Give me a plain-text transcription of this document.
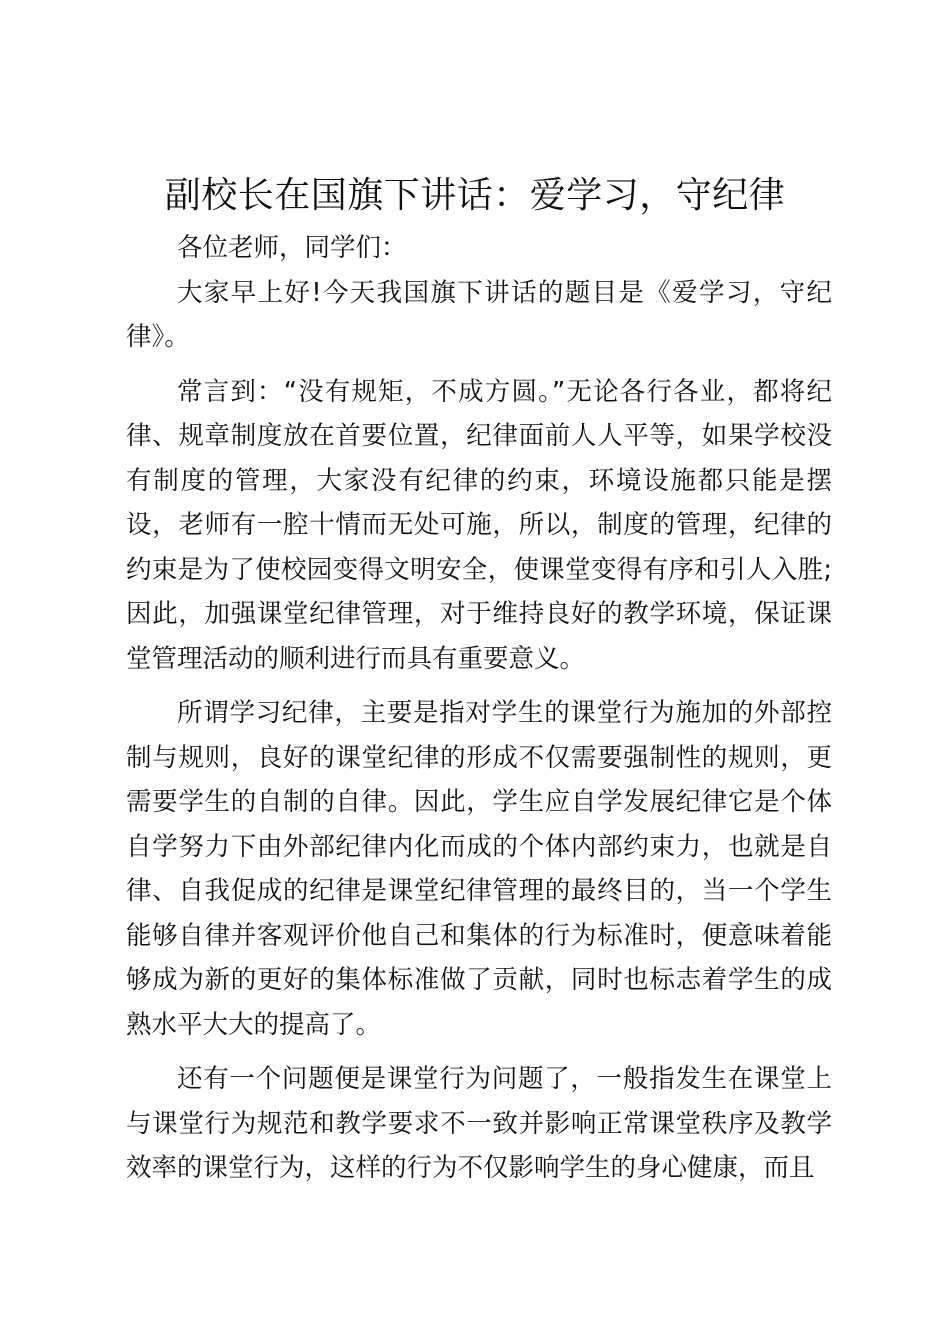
副校长在国旗下讲话：爱学习，守纪律

各位老师，同学们：

大家早上好!今天我国旗下讲话的题目是《爱学习，守纪律》。

常言到：“没有规矩，不成方圆。”无论各行各业，都将纪律、规章制度放在首要位置，纪律面前人人平等，如果学校没有制度的管理，大家没有纪律的约束，环境设施都只能是摆设，老师有一腔十情而无处可施，所以，制度的管理，纪律的约束是为了使校园变得文明安全，使课堂变得有序和引人入胜;因此，加强课堂纪律管理，对于维持良好的教学环境，保证课堂管理活动的顺利进行而具有重要意义。

所谓学习纪律，主要是指对学生的课堂行为施加的外部控制与规则，良好的课堂纪律的形成不仅需要强制性的规则，更需要学生的自制的自律。因此，学生应自学发展纪律它是个体自学努力下由外部纪律内化而成的个体内部约束力，也就是自律、自我促成的纪律是课堂纪律管理的最终目的，当一个学生能够自律并客观评价他自己和集体的行为标准时，便意味着能够成为新的更好的集体标准做了贡献，同时也标志着学生的成熟水平大大的提高了。

还有一个问题便是课堂行为问题了，一般指发生在课堂上与课堂行为规范和教学要求不一致并影响正常课堂秩序及教学效率的课堂行为，这样的行为不仅影响学生的身心健康，而且
